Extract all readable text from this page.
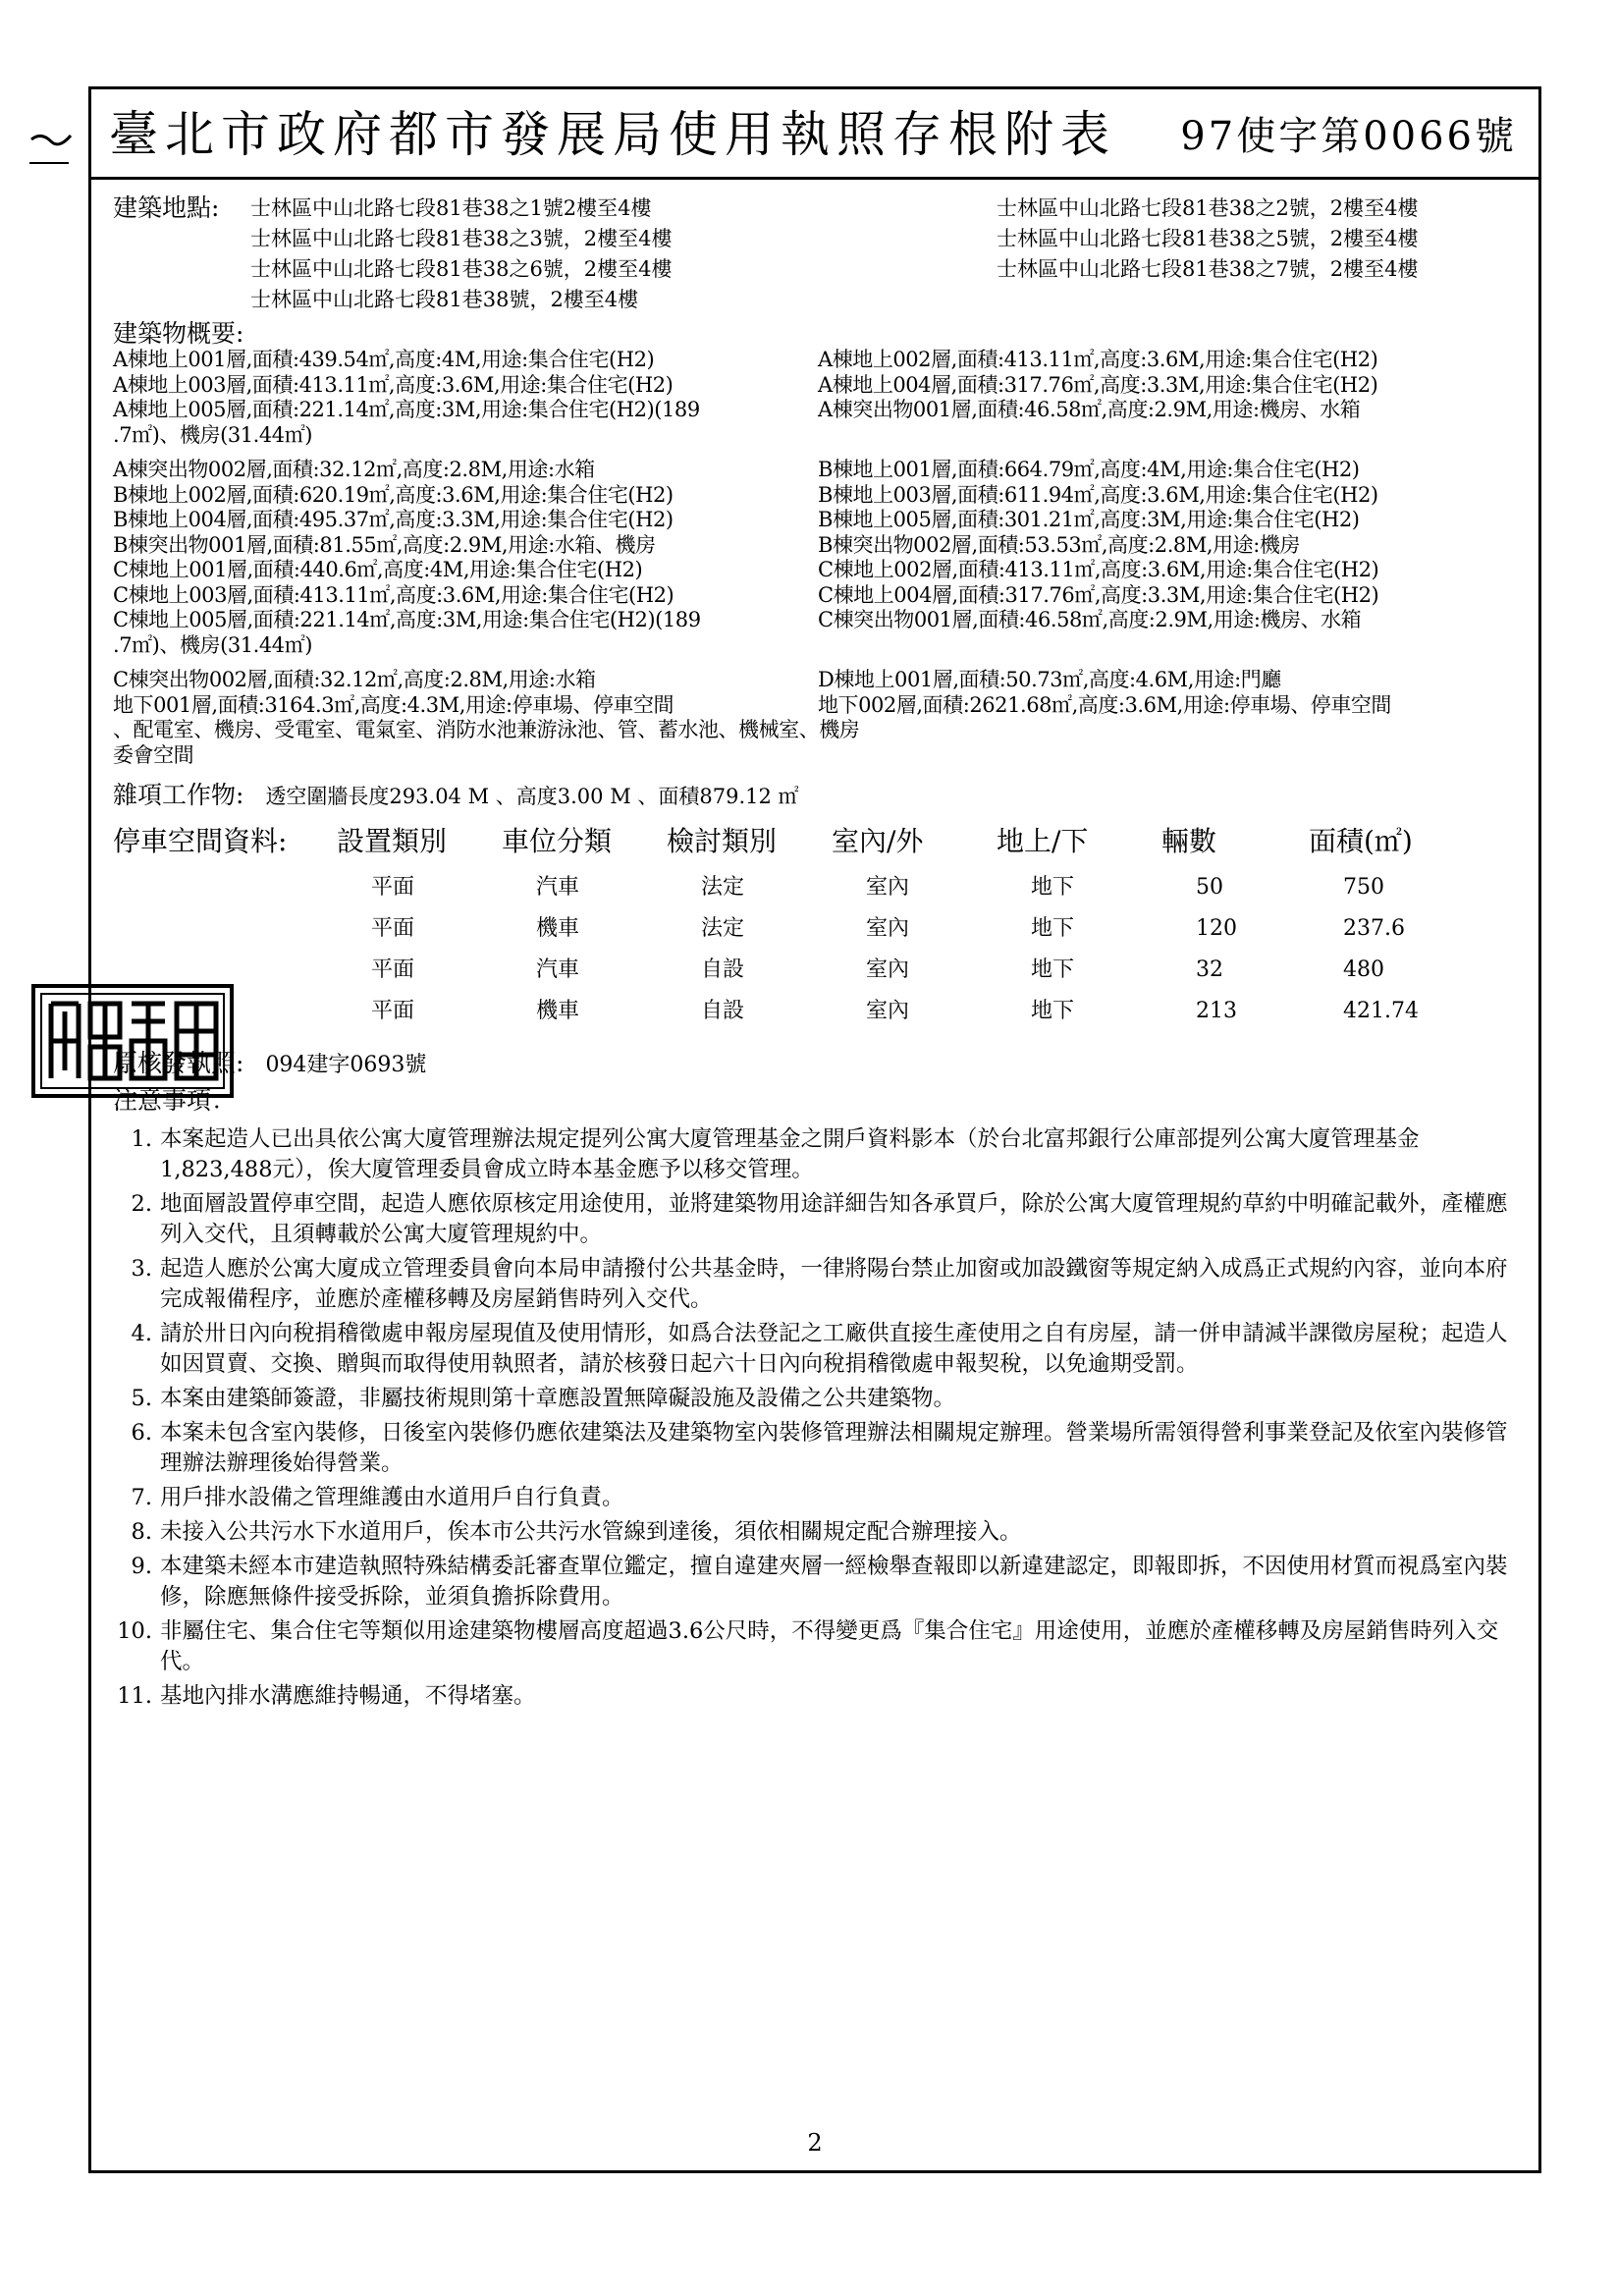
臺北市政府都市發展局使用執照存根附表 97使字第0066號
建築地點:	士林區中山北路七段81巷38之1號2樓至4樓	士林區中山北路七段81巷38之2號，2樓至4樓
士林區中山北路七段81巷38之3號，2樓至4樓	士林區中山北路七段81巷38之5號，2樓至4樓
士林區中山北路七段81巷38之6號，2樓至4樓	士林區中山北路七段81巷38之7號，2樓至4樓
士林區中山北路七段81巷38號，2樓至4樓
建築物概要:
A棟地上001層,面積:439.54㎡,高度:4M,用途:集合住宅(H2)	A棟地上002層,面積:413.11㎡,高度:3.6M,用途:集合住宅(H2)
A棟地上003層,面積:413.11㎡,高度:3.6M,用途:集合住宅(H2)	A棟地上004層,面積:317.76㎡,高度:3.3M,用途:集合住宅(H2)
A棟地上005層,面積:221.14㎡,高度:3M,用途:集合住宅(H2)(189	A棟突出物001層,面積:46.58㎡,高度:2.9M,用途:機房、水箱
.7㎡)、機房(31.44㎡)
A棟突出物002層,面積:32.12㎡,高度:2.8M,用途:水箱	B棟地上001層,面積:664.79㎡,高度:4M,用途:集合住宅(H2)
B棟地上002層,面積:620.19㎡,高度:3.6M,用途:集合住宅(H2)	B棟地上003層,面積:611.94㎡,高度:3.6M,用途:集合住宅(H2)
B棟地上004層,面積:495.37㎡,高度:3.3M,用途:集合住宅(H2)	B棟地上005層,面積:301.21㎡,高度:3M,用途:集合住宅(H2)
B棟突出物001層,面積:81.55㎡,高度:2.9M,用途:水箱、機房	B棟突出物002層,面積:53.53㎡,高度:2.8M,用途:機房
C棟地上001層,面積:440.6㎡,高度:4M,用途:集合住宅(H2)	C棟地上002層,面積:413.11㎡,高度:3.6M,用途:集合住宅(H2)
C棟地上003層,面積:413.11㎡,高度:3.6M,用途:集合住宅(H2)	C棟地上004層,面積:317.76㎡,高度:3.3M,用途:集合住宅(H2)
C棟地上005層,面積:221.14㎡,高度:3M,用途:集合住宅(H2)(189	C棟突出物001層,面積:46.58㎡,高度:2.9M,用途:機房、水箱
.7㎡)、機房(31.44㎡)
C棟突出物002層,面積:32.12㎡,高度:2.8M,用途:水箱	D棟地上001層,面積:50.73㎡,高度:4.6M,用途:門廳
地下001層,面積:3164.3㎡,高度:4.3M,用途:停車場、停車空間	地下002層,面積:2621.68㎡,高度:3.6M,用途:停車場、停車空間
、配電室、機房、受電室、電氣室、消防水池兼游泳池、管、蓄水池、機械室、機房
委會空間
雜項工作物: 透空圍牆長度293.04 M 、高度3.00 M 、面積879.12 ㎡
停車空間資料:	設置類別	車位分類	檢討類別	室內/外	地上/下	輛數	面積(㎡)
平面	汽車	法定	室內	地下	50	750
平面	機車	法定	室內	地下	120	237.6
平面	汽車	自設	室內	地下	32	480
平面	機車	自設	室內	地下	213	421.74
原核發執照: 094建字0693號
注意事項：
1. 本案起造人已出具依公寓大廈管理辦法規定提列公寓大廈管理基金之開戶資料影本（於台北富邦銀行公庫部提列公寓大廈管理基金1,823,488元），俟大廈管理委員會成立時本基金應予以移交管理。
2. 地面層設置停車空間，起造人應依原核定用途使用，並將建築物用途詳細告知各承買戶，除於公寓大廈管理規約草約中明確記載外，產權應列入交代，且須轉載於公寓大廈管理規約中。
3. 起造人應於公寓大廈成立管理委員會向本局申請撥付公共基金時，一律將陽台禁止加窗或加設鐵窗等規定納入成爲正式規約內容，並向本府完成報備程序，並應於產權移轉及房屋銷售時列入交代。
4. 請於卅日內向稅捐稽徵處申報房屋現值及使用情形，如爲合法登記之工廠供直接生產使用之自有房屋，請一併申請減半課徵房屋稅；起造人如因買賣、交換、贈與而取得使用執照者，請於核發日起六十日內向稅捐稽徵處申報契稅，以免逾期受罰。
5. 本案由建築師簽證，非屬技術規則第十章應設置無障礙設施及設備之公共建築物。
6. 本案未包含室內裝修，日後室內裝修仍應依建築法及建築物室內裝修管理辦法相關規定辦理。營業場所需領得營利事業登記及依室內裝修管理辦法辦理後始得營業。
7. 用戶排水設備之管理維護由水道用戶自行負責。
8. 未接入公共污水下水道用戶，俟本市公共污水管線到達後，須依相關規定配合辦理接入。
9. 本建築未經本市建造執照特殊結構委託審查單位鑑定，擅自違建夾層一經檢舉查報即以新違建認定，即報即拆，不因使用材質而視爲室內裝修，除應無條件接受拆除，並須負擔拆除費用。
10. 非屬住宅、集合住宅等類似用途建築物樓層高度超過3.6公尺時，不得變更爲『集合住宅』用途使用，並應於產權移轉及房屋銷售時列入交代。
11. 基地內排水溝應維持暢通，不得堵塞。
2
